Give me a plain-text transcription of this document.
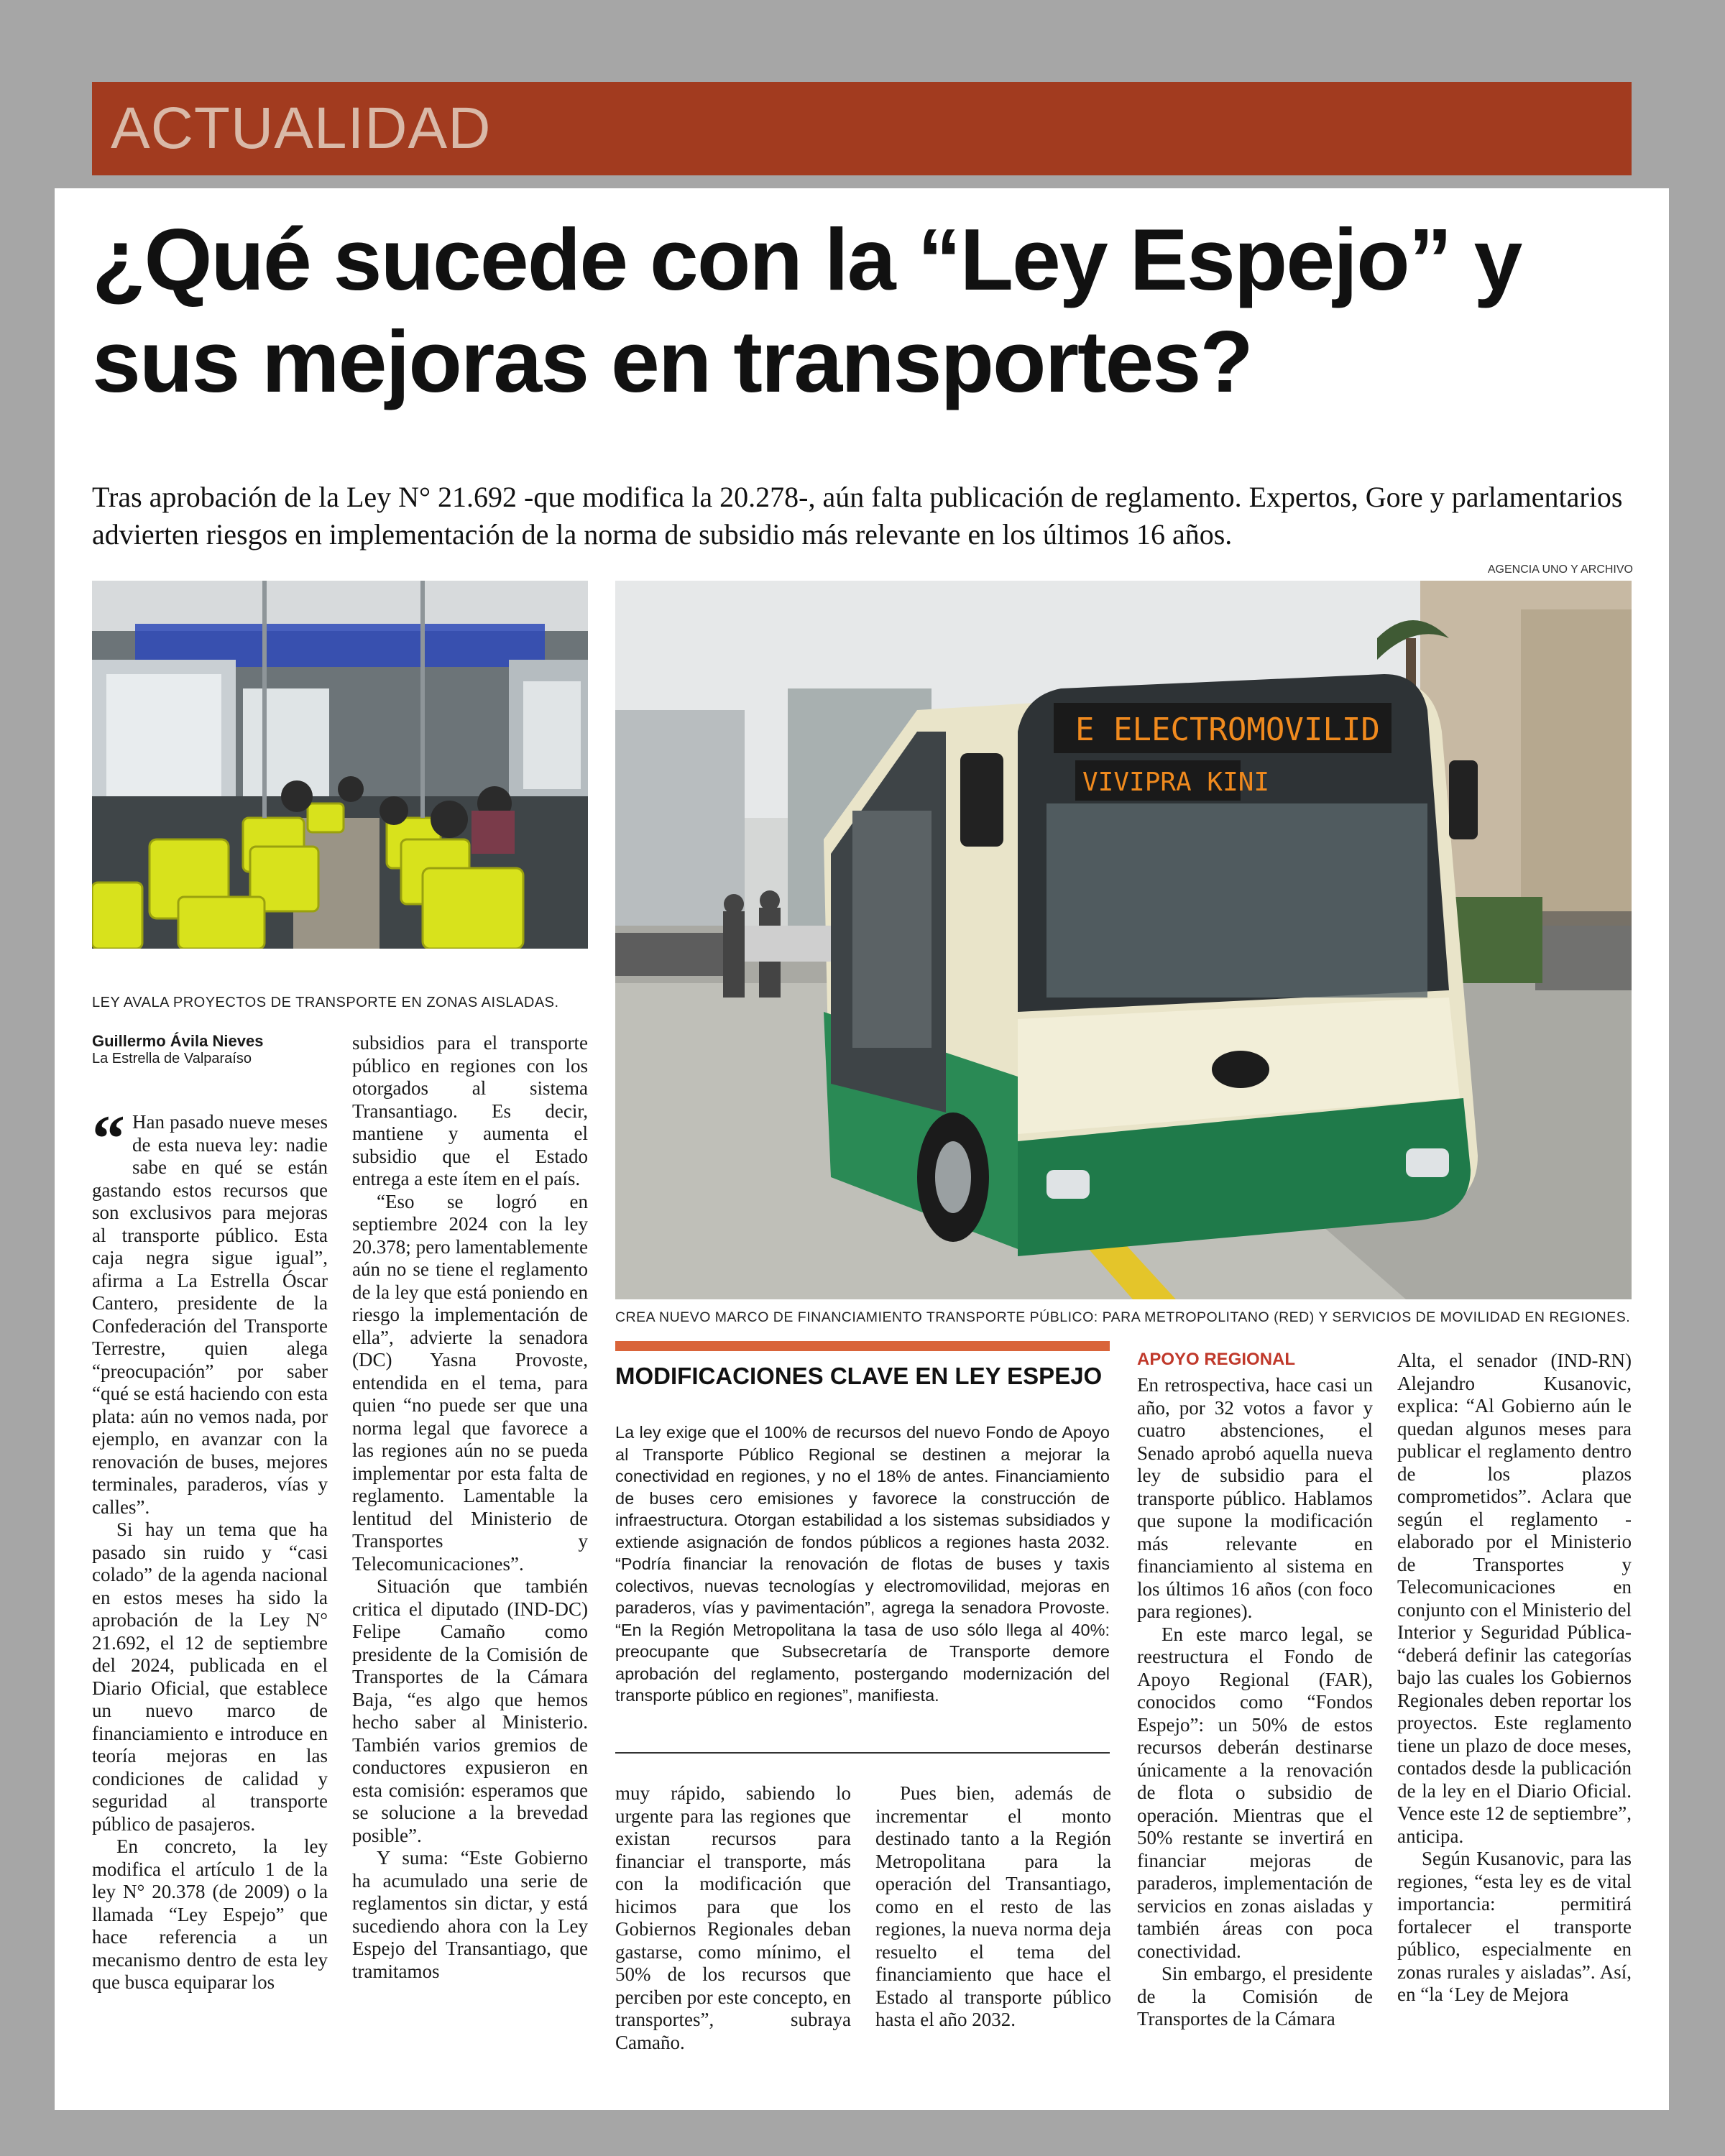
ACTUALIDAD
¿Qué sucede con la “Ley Espejo” y sus mejoras en transportes?
Tras aprobación de la Ley N° 21.692 -que modifica la 20.278-, aún falta publicación de reglamento. Expertos, Gore y parlamentarios advierten riesgos en implementación de la norma de subsidio más relevante en los últimos 16 años.
AGENCIA UNO Y ARCHIVO
LEY AVALA PROYECTOS DE TRANSPORTE EN ZONAS AISLADAS.
E ELECTROMOVILID
VIVIPRA KINI
CREA NUEVO MARCO DE FINANCIAMIENTO TRANSPORTE PÚBLICO: PARA METROPOLITANO (RED) Y SERVICIOS DE MOVILIDAD EN REGIONES.
Guillermo Ávila Nieves
La Estrella de Valparaíso

“ Han pasado nueve meses de esta nueva ley: nadie sabe en qué se están gastando estos recursos que son exclusivos para mejoras al transporte público. Esta caja negra sigue igual”, afirma a La Estrella Óscar Cantero, presidente de la Confederación del Transporte Terrestre, quien alega “preocupación” por saber “qué se está haciendo con esta plata: aún no vemos nada, por ejemplo, en avanzar con la renovación de buses, mejores terminales, paraderos, vías y calles”.

Si hay un tema que ha pasado sin ruido y “casi colado” de la agenda nacional en estos meses ha sido la aprobación de la Ley N° 21.692, el 12 de septiembre del 2024, publicada en el Diario Oficial, que establece un nuevo marco de financiamiento e introduce en teoría mejoras en las condiciones de calidad y seguridad al transporte público de pasajeros.

En concreto, la ley modifica el artículo 1 de la ley N° 20.378 (de 2009) o la llamada “Ley Espejo” que hace referencia a un mecanismo dentro de esta ley que busca equiparar los

subsidios para el transporte público en regiones con los otorgados al sistema Transantiago. Es decir, mantiene y aumenta el subsidio que el Estado entrega a este ítem en el país.

“Eso se logró en septiembre 2024 con la ley 20.378; pero lamentablemente aún no se tiene el reglamento de la ley que está poniendo en riesgo la implementación de ella”, advierte la senadora (DC) Yasna Provoste, entendida en el tema, para quien “no puede ser que una norma legal que favorece a las regiones aún no se pueda implementar por esta falta de reglamento. Lamentable la lentitud del Ministerio de Transportes y Telecomunicaciones”.

Situación que también critica el diputado (IND-DC) Felipe Camaño como presidente de la Comisión de Transportes de la Cámara Baja, “es algo que hemos hecho saber al Ministerio. También varios gremios de conductores expusieron en esta comisión: esperamos que se solucione a la brevedad posible”.

Y suma: “Este Gobierno ha acumulado una serie de reglamentos sin dictar, y está sucediendo ahora con la Ley Espejo del Transantiago, que tramitamos

MODIFICACIONES CLAVE EN LEY ESPEJO
La ley exige que el 100% de recursos del nuevo Fondo de Apoyo al Transporte Público Regional se destinen a mejorar la conectividad en regiones, y no el 18% de antes. Financiamiento de buses cero emisiones y favorece la construcción de infraestructura. Otorgan estabilidad a los sistemas subsidiados y extiende asignación de fondos públicos a regiones hasta 2032. “Podría financiar la renovación de flotas de buses y taxis colectivos, nuevas tecnologías y electromovilidad, mejoras en paraderos, vías y pavimentación”, agrega la senadora Provoste. “En la Región Metropolitana la tasa de uso sólo llega al 40%: preocupante que Subsecretaría de Transporte demore aprobación del reglamento, postergando modernización del transporte público en regiones”, manifiesta.

muy rápido, sabiendo lo urgente para las regiones que existan recursos para financiar el transporte, más con la modificación que hicimos para que los Gobiernos Regionales deban gastarse, como mínimo, el 50% de los recursos que perciben por este concepto, en transportes”, subraya Camaño.

Pues bien, además de incrementar el monto destinado tanto a la Región Metropolitana para la operación del Transantiago, como en el resto de las regiones, la nueva norma deja resuelto el tema del financiamiento que hace el Estado al transporte público hasta el año 2032.

APOYO REGIONAL

En retrospectiva, hace casi un año, por 32 votos a favor y cuatro abstenciones, el Senado aprobó aquella nueva ley de subsidio para el transporte público. Hablamos que supone la modificación más relevante en financiamiento al sistema en los últimos 16 años (con foco para regiones).

En este marco legal, se reestructura el Fondo de Apoyo Regional (FAR), conocidos como “Fondos Espejo”: un 50% de estos recursos deberán destinarse únicamente a la renovación de flota o subsidio de operación. Mientras que el 50% restante se invertirá en financiar mejoras de paraderos, implementación de servicios en zonas aisladas y también áreas con poca conectividad.

Sin embargo, el presidente de la Comisión de Transportes de la Cámara

Alta, el senador (IND-RN) Alejandro Kusanovic, explica: “Al Gobierno aún le quedan algunos meses para publicar el reglamento dentro de los plazos comprometidos”. Aclara que según el reglamento -elaborado por el Ministerio de Transportes y Telecomunicaciones en conjunto con el Ministerio del Interior y Seguridad Pública- “deberá definir las categorías bajo las cuales los Gobiernos Regionales deben reportar los proyectos. Este reglamento tiene un plazo de doce meses, contados desde la publicación de la ley en el Diario Oficial. Vence este 12 de septiembre”, anticipa.

Según Kusanovic, para las regiones, “esta ley es de vital importancia: permitirá fortalecer el transporte público, especialmente en zonas rurales y aisladas”. Así, en “la ‘Ley de Mejora
